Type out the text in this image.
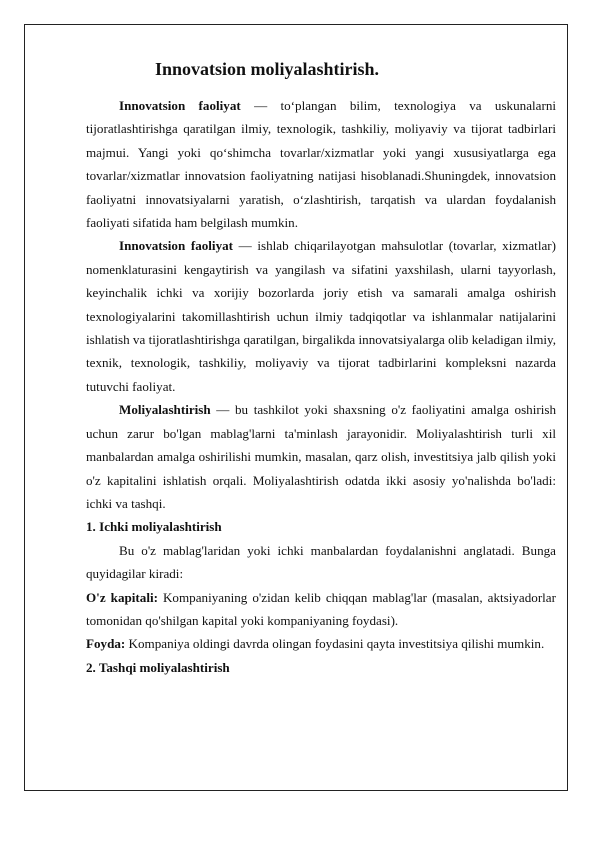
Innovatsion moliyalashtirish.

Innovatsion faoliyat — to‘plangan bilim, texnologiya va uskunalarni tijoratlashtirishga qaratilgan ilmiy, texnologik, tashkiliy, moliyaviy va tijorat tadbirlari majmui. Yangi yoki qo‘shimcha tovarlar/xizmatlar yoki yangi xususiyatlarga ega tovarlar/xizmatlar innovatsion faoliyatning natijasi hisoblanadi.Shuningdek, innovatsion faoliyatni innovatsiyalarni yaratish, o‘zlashtirish, tarqatish va ulardan foydalanish faoliyati sifatida ham belgilash mumkin.

Innovatsion faoliyat — ishlab chiqarilayotgan mahsulotlar (tovarlar, xizmatlar) nomenklaturasini kengaytirish va yangilash va sifatini yaxshilash, ularni tayyorlash, keyinchalik ichki va xorijiy bozorlarda joriy etish va samarali amalga oshirish texnologiyalarini takomillashtirish uchun ilmiy tadqiqotlar va ishlanmalar natijalarini ishlatish va tijoratlashtirishga qaratilgan, birgalikda innovatsiyalarga olib keladigan ilmiy, texnik, texnologik, tashkiliy, moliyaviy va tijorat tadbirlarini kompleksni nazarda tutuvchi faoliyat.

Moliyalashtirish — bu tashkilot yoki shaxsning o'z faoliyatini amalga oshirish uchun zarur bo'lgan mablag'larni ta'minlash jarayonidir. Moliyalashtirish turli xil manbalardan amalga oshirilishi mumkin, masalan, qarz olish, investitsiya jalb qilish yoki o'z kapitalini ishlatish orqali. Moliyalashtirish odatda ikki asosiy yo'nalishda bo'ladi: ichki va tashqi.

1. Ichki moliyalashtirish

Bu o'z mablag'laridan yoki ichki manbalardan foydalanishni anglatadi. Bunga quyidagilar kiradi:

O'z kapitali: Kompaniyaning o'zidan kelib chiqqan mablag'lar (masalan, aktsiyadorlar tomonidan qo'shilgan kapital yoki kompaniyaning foydasi).

Foyda: Kompaniya oldingi davrda olingan foydasini qayta investitsiya qilishi mumkin.

2. Tashqi moliyalashtirish
